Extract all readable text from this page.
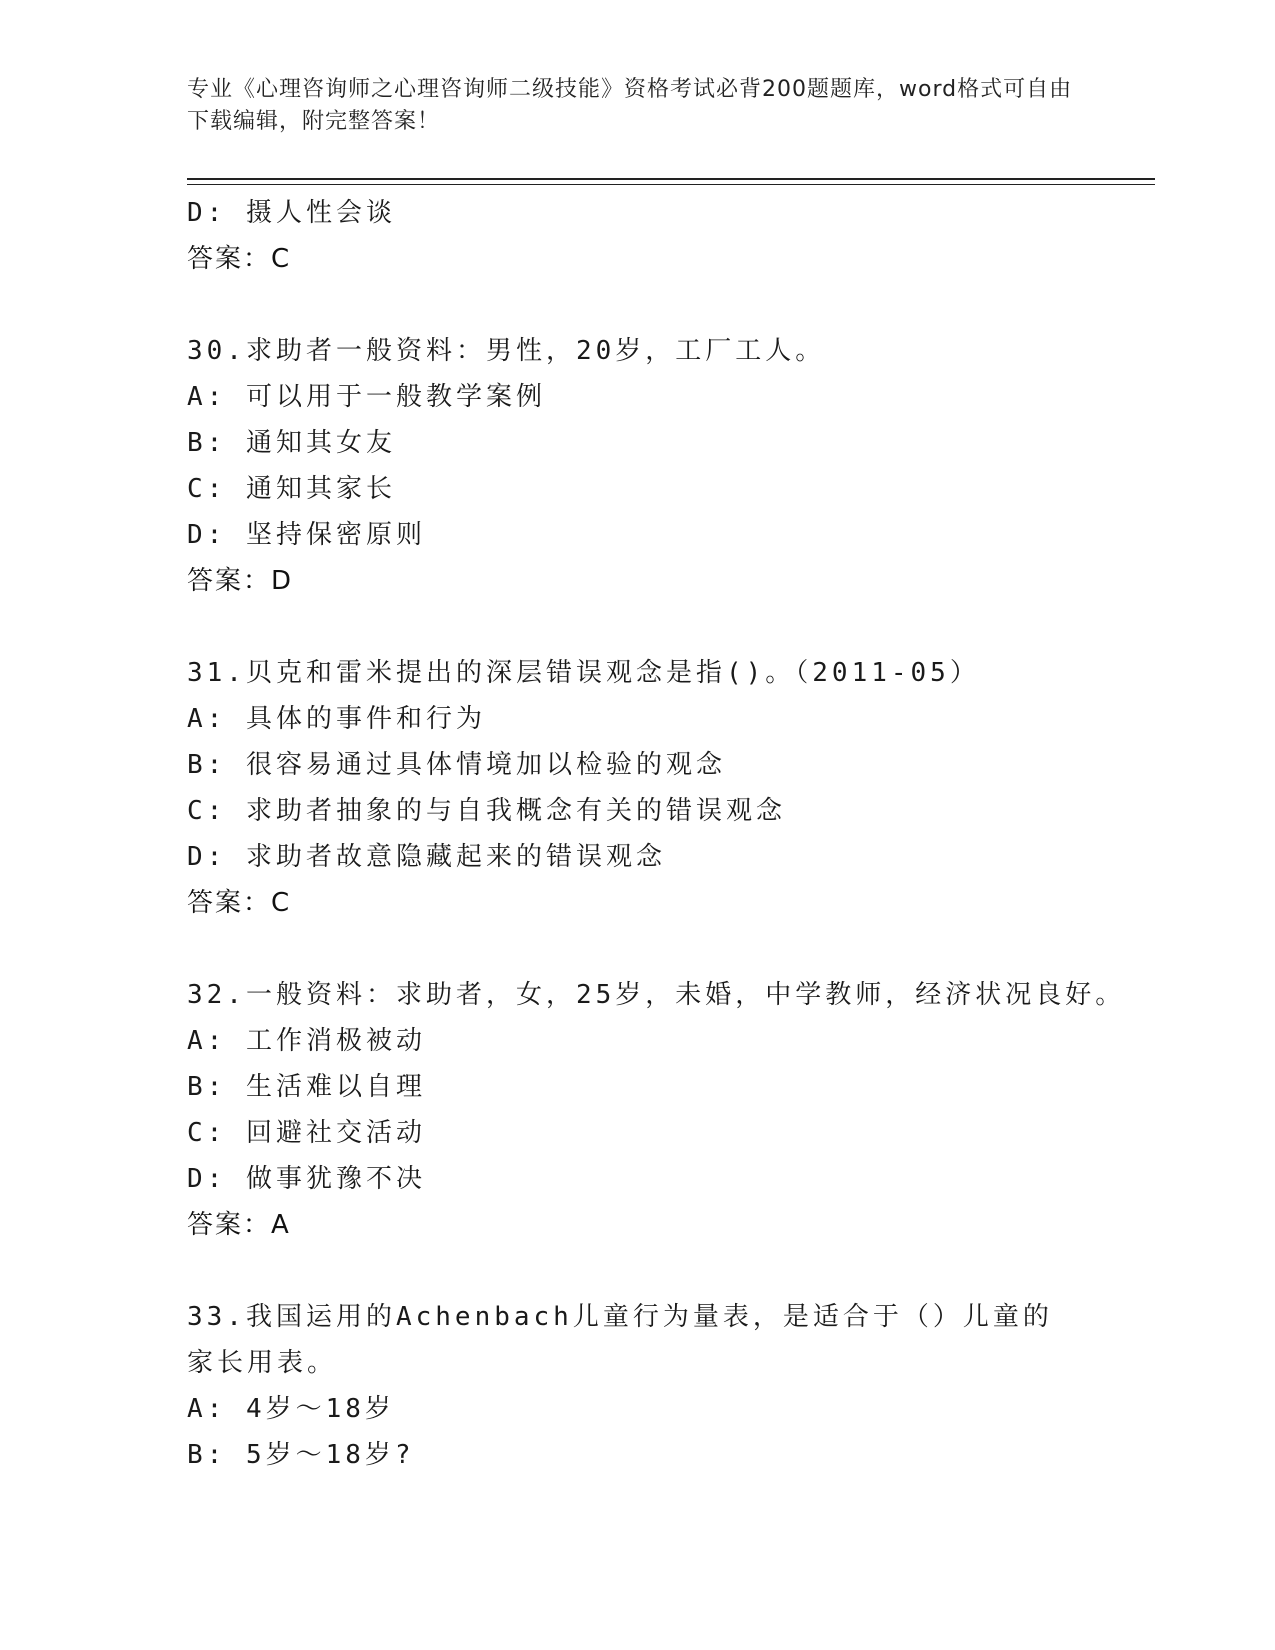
专业《心理咨询师之心理咨询师二级技能》资格考试必背200题题库，word格式可自由下载编辑，附完整答案！
D: 摄人性会谈
答案：C
30.求助者一般资料：男性，20岁，工厂工人。
A: 可以用于一般教学案例
B: 通知其女友
C: 通知其家长
D: 坚持保密原则
答案：D
31.贝克和雷米提出的深层错误观念是指()。（2011-05）
A: 具体的事件和行为
B: 很容易通过具体情境加以检验的观念
C: 求助者抽象的与自我概念有关的错误观念
D: 求助者故意隐藏起来的错误观念
答案：C
32.一般资料：求助者，女，25岁，未婚，中学教师，经济状况良好。
A: 工作消极被动
B: 生活难以自理
C: 回避社交活动
D: 做事犹豫不决
答案：A
33.我国运用的Achenbach儿童行为量表，是适合于（）儿童的家长用表。
A: 4岁～18岁
B: 5岁～18岁?
